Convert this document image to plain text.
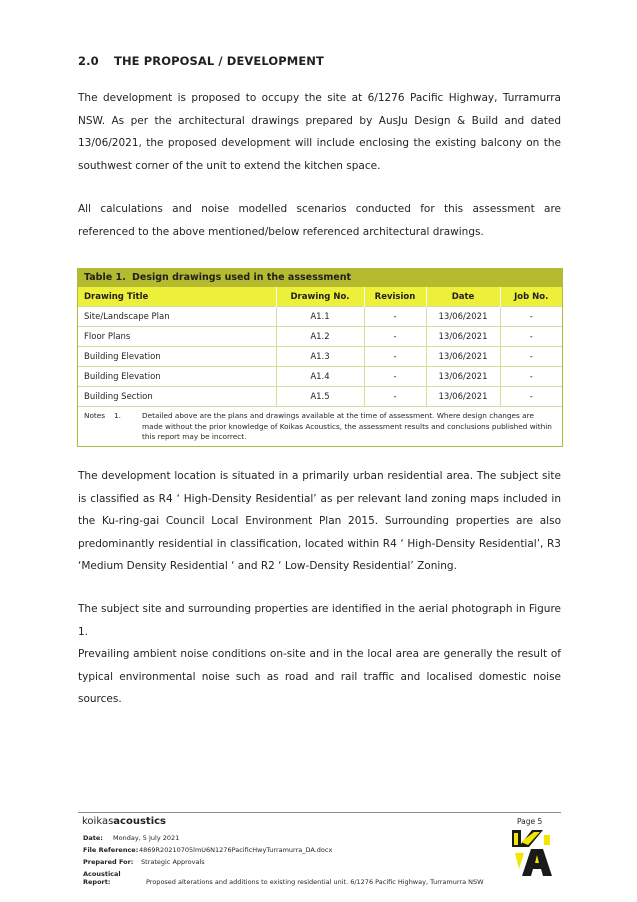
2.0 THE PROPOSAL / DEVELOPMENT

The development is proposed to occupy the site at 6/1276 Pacific Highway, Turramurra NSW. As per the architectural drawings prepared by AusJu Design & Build and dated 13/06/2021, the proposed development will include enclosing the existing balcony on the southwest corner of the unit to extend the kitchen space.

All calculations and noise modelled scenarios conducted for this assessment are referenced to the above mentioned/below referenced architectural drawings.

Table 1. Design drawings used in the assessment
Drawing Title	Drawing No.	Revision	Date	Job No.
Site/Landscape Plan	A1.1	-	13/06/2021	-
Floor Plans	A1.2	-	13/06/2021	-
Building Elevation	A1.3	-	13/06/2021	-
Building Elevation	A1.4	-	13/06/2021	-
Building Section	A1.5	-	13/06/2021	-
Notes	1.	Detailed above are the plans and drawings available at the time of assessment. Where design changes are made without the prior knowledge of Koikas Acoustics, the assessment results and conclusions published within this report may be incorrect.

The development location is situated in a primarily urban residential area. The subject site is classified as R4 ‘ High-Density Residential’ as per relevant land zoning maps included in the Ku-ring-gai Council Local Environment Plan 2015. Surrounding properties are also predominantly residential in classification, located within R4 ‘ High-Density Residential’, R3 ‘Medium Density Residential ‘ and R2 ‘ Low-Density Residential’ Zoning.

The subject site and surrounding properties are identified in the aerial photograph in Figure 1.

Prevailing ambient noise conditions on-site and in the local area are generally the result of typical environmental noise such as road and rail traffic and localised domestic noise sources.

koikasacoustics	Page 5
Date: Monday, 5 July 2021
File Reference:4869R20210705lmU6N1276PacificHwyTurramurra_DA.docx
Prepared For: Strategic Approvals
Acoustical Report:	Proposed alterations and additions to existing residential unit. 6/1276 Pacific Highway, Turramurra NSW
